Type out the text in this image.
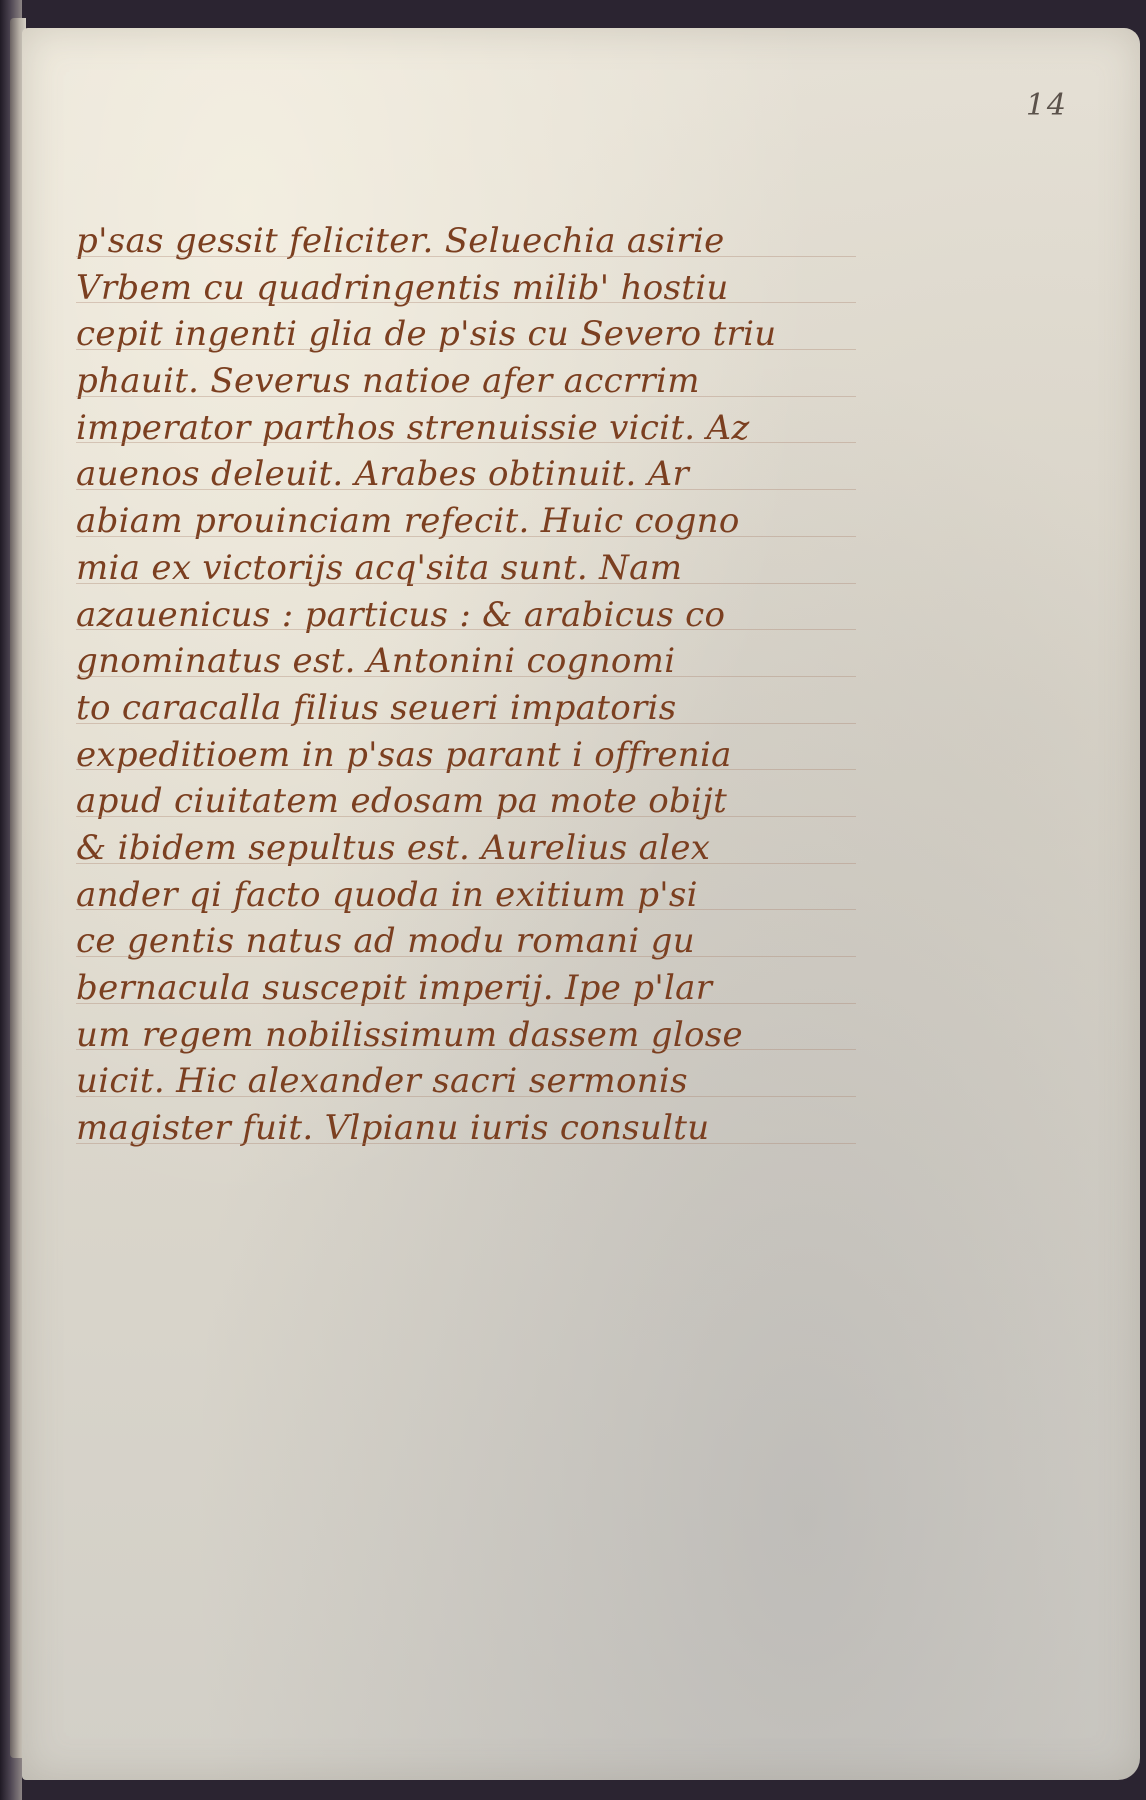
14
p'sas gessit feliciter. Seluechia asirie
Vrbem cu quadringentis milib' hostiu
cepit ingenti glia de p'sis cu Severo triu
phauit. Severus natioe afer accrrim
imperator parthos strenuissie vicit. Az
auenos deleuit. Arabes obtinuit. Ar
abiam prouinciam refecit. Huic cogno
mia ex victorijs acq'sita sunt. Nam
azauenicus : particus : & arabicus co
gnominatus est. Antonini cognomi
to caracalla filius seueri impatoris
expeditioem in p'sas parant i offrenia
apud ciuitatem edosam pa mote obijt
& ibidem sepultus est. Aurelius alex
ander qi facto quoda in exitium p'si
ce gentis natus ad modu romani gu
bernacula suscepit imperij. Ipe p'lar
um regem nobilissimum dassem glose
uicit. Hic alexander sacri sermonis
magister fuit. Vlpianu iuris consultu
